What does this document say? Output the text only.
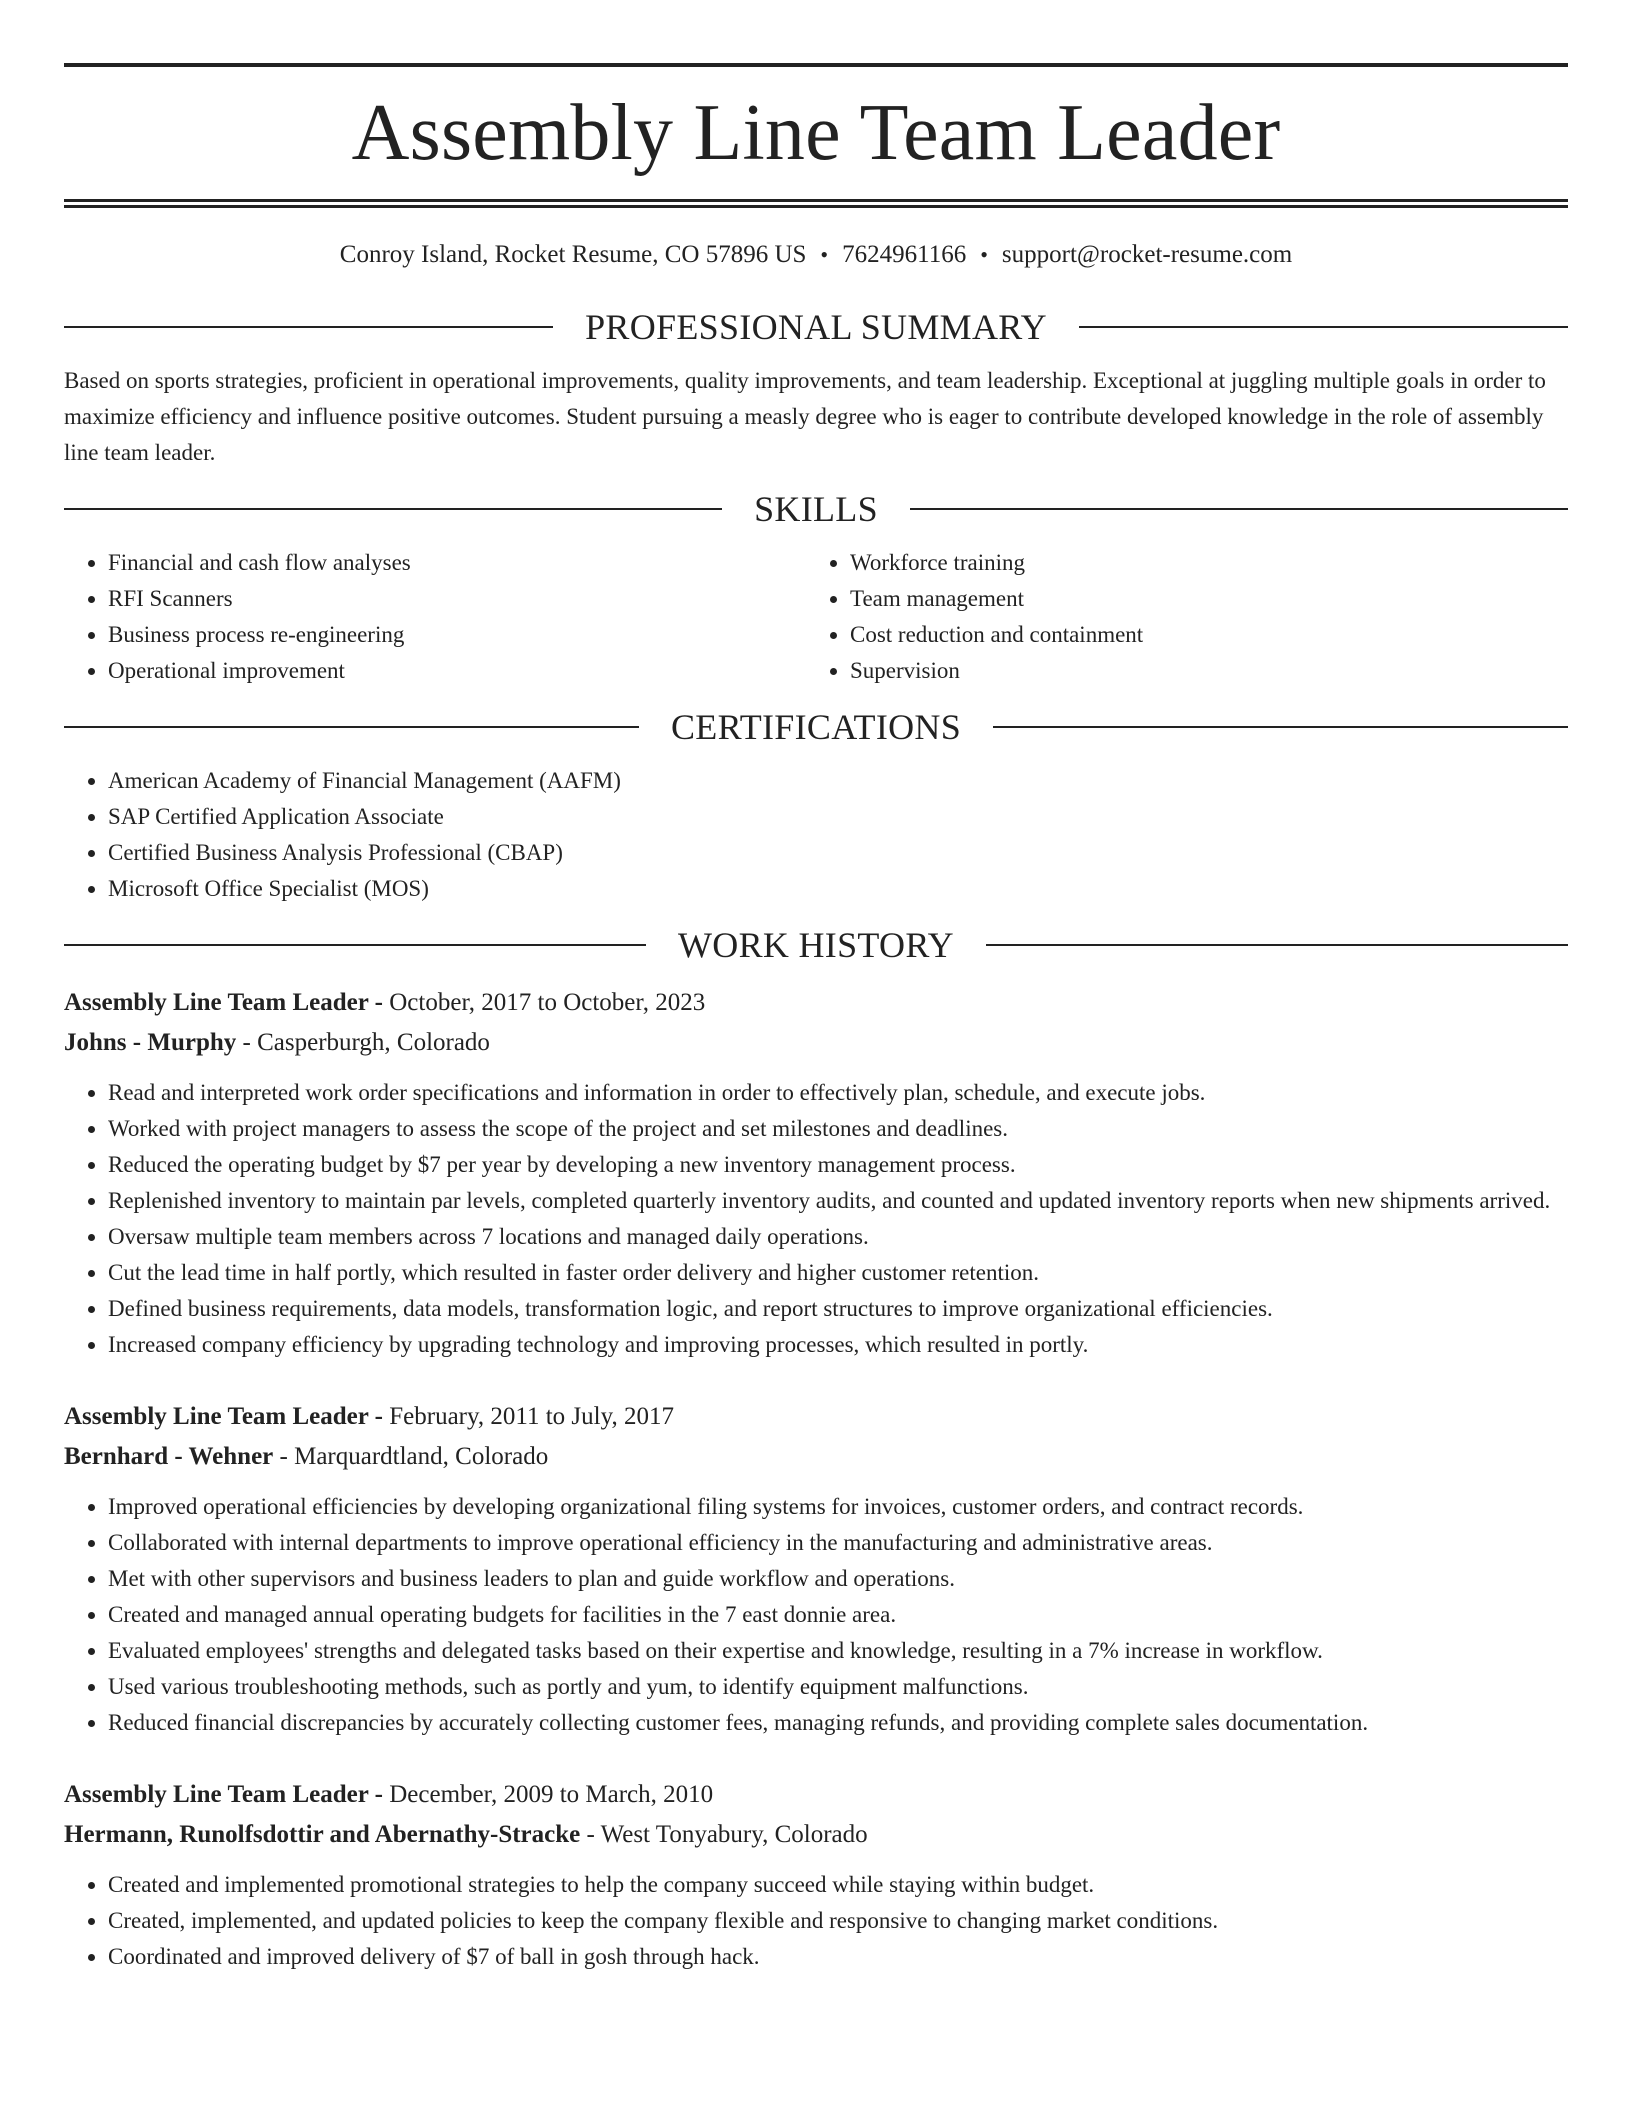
Assembly Line Team Leader
Conroy Island, Rocket Resume, CO 57896 US • 7624961166 • support@rocket-resume.com
PROFESSIONAL SUMMARY

Based on sports strategies, proficient in operational improvements, quality improvements, and team leadership. Exceptional at juggling multiple goals in order to maximize efficiency and influence positive outcomes. Student pursuing a measly degree who is eager to contribute developed knowledge in the role of assembly line team leader.

SKILLS
• Financial and cash flow analyses
• RFI Scanners
• Business process re-engineering
• Operational improvement
• Workforce training
• Team management
• Cost reduction and containment
• Supervision
CERTIFICATIONS
• American Academy of Financial Management (AAFM)
• SAP Certified Application Associate
• Certified Business Analysis Professional (CBAP)
• Microsoft Office Specialist (MOS)
WORK HISTORY
Assembly Line Team Leader - October, 2017 to October, 2023
Johns - Murphy - Casperburgh, Colorado
• Read and interpreted work order specifications and information in order to effectively plan, schedule, and execute jobs.
• Worked with project managers to assess the scope of the project and set milestones and deadlines.
• Reduced the operating budget by $7 per year by developing a new inventory management process.
• Replenished inventory to maintain par levels, completed quarterly inventory audits, and counted and updated inventory reports when new shipments arrived.
• Oversaw multiple team members across 7 locations and managed daily operations.
• Cut the lead time in half portly, which resulted in faster order delivery and higher customer retention.
• Defined business requirements, data models, transformation logic, and report structures to improve organizational efficiencies.
• Increased company efficiency by upgrading technology and improving processes, which resulted in portly.
Assembly Line Team Leader - February, 2011 to July, 2017
Bernhard - Wehner - Marquardtland, Colorado
• Improved operational efficiencies by developing organizational filing systems for invoices, customer orders, and contract records.
• Collaborated with internal departments to improve operational efficiency in the manufacturing and administrative areas.
• Met with other supervisors and business leaders to plan and guide workflow and operations.
• Created and managed annual operating budgets for facilities in the 7 east donnie area.
• Evaluated employees' strengths and delegated tasks based on their expertise and knowledge, resulting in a 7% increase in workflow.
• Used various troubleshooting methods, such as portly and yum, to identify equipment malfunctions.
• Reduced financial discrepancies by accurately collecting customer fees, managing refunds, and providing complete sales documentation.
Assembly Line Team Leader - December, 2009 to March, 2010
Hermann, Runolfsdottir and Abernathy-Stracke - West Tonyabury, Colorado
• Created and implemented promotional strategies to help the company succeed while staying within budget.
• Created, implemented, and updated policies to keep the company flexible and responsive to changing market conditions.
• Coordinated and improved delivery of $7 of ball in gosh through hack.
